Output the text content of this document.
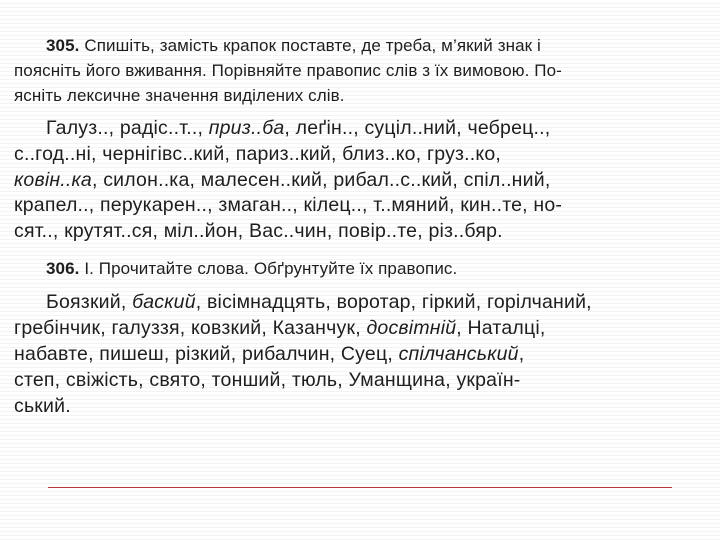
305. Спишіть, замість крапок поставте, де треба, м’який знак і
поясніть його вживання. Порівняйте правопис слів з їх вимовою. По-
ясніть лексичне значення виділених слів.
Галуз.., радіс..т.., приз..ба, леґін.., суціл..ний, чебрец..,
с..год..ні, чернігівс..кий, париз..кий, близ..ко, груз..ко,
ковін..ка, силон..ка, малесен..кий, рибал..с..кий, спіл..ний,
крапел.., перукарен.., змаган.., кілец.., т..мяний, кин..те, но-
сят.., крутят..ся, міл..йон, Вас..чин, повір..те, різ..бяр.
306. І. Прочитайте слова. Обґрунтуйте їх правопис.
Боязкий, баский, вісімнадцять, воротар, гіркий, горілчаний,
гребінчик, галуззя, ковзкий, Казанчук, досвітній, Наталці,
набавте, пишеш, різкий, рибалчин, Суец, спілчанський,
степ, свіжість, свято, тонший, тюль, Уманщина, україн-
ський.
